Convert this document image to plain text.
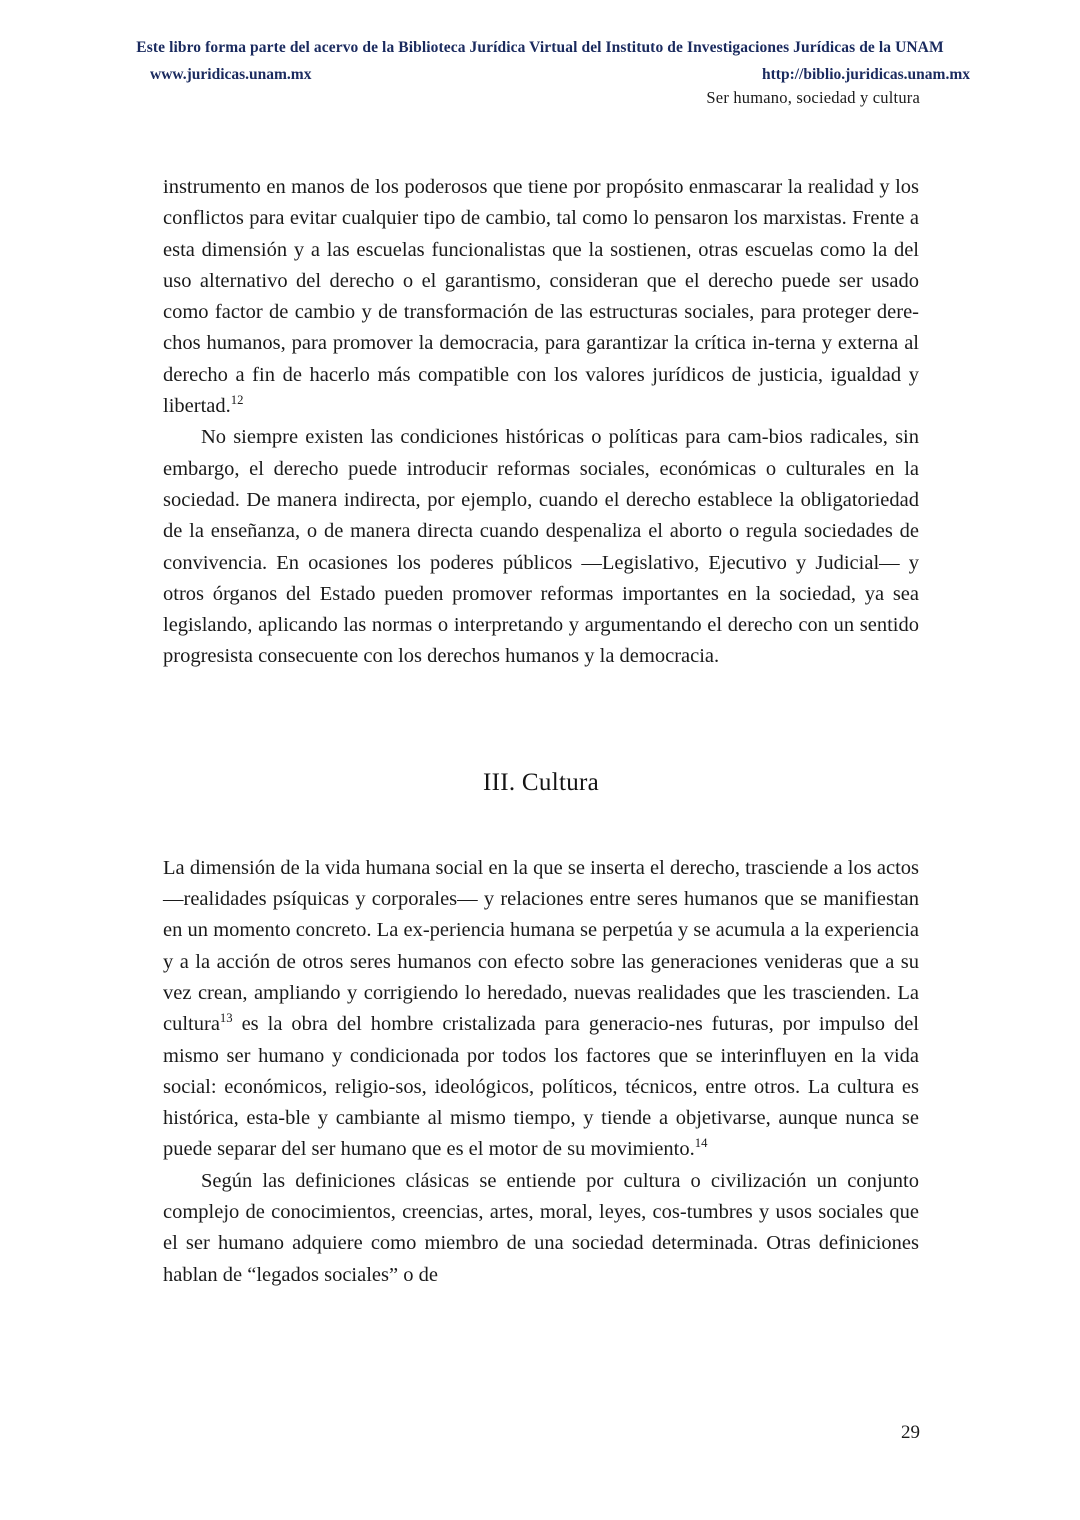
Este libro forma parte del acervo de la Biblioteca Jurídica Virtual del Instituto de Investigaciones Jurídicas de la UNAM
www.juridicas.unam.mx	http://biblio.juridicas.unam.mx
Ser humano, sociedad y cultura

instrumento en manos de los poderosos que tiene por propósito enmascarar la realidad y los conflictos para evitar cualquier tipo de cambio, tal como lo pensaron los marxistas. Frente a esta dimensión y a las escuelas funcionalistas que la sostienen, otras escuelas como la del uso alternativo del derecho o el garantismo, consideran que el derecho puede ser usado como factor de cambio y de transformación de las estructuras sociales, para proteger dere-chos humanos, para promover la democracia, para garantizar la crítica in-terna y externa al derecho a fin de hacerlo más compatible con los valores jurídicos de justicia, igualdad y libertad.$^{12}$

No siempre existen las condiciones históricas o políticas para cam-bios radicales, sin embargo, el derecho puede introducir reformas sociales, económicas o culturales en la sociedad. De manera indirecta, por ejemplo, cuando el derecho establece la obligatoriedad de la enseñanza, o de manera directa cuando despenaliza el aborto o regula sociedades de convivencia. En ocasiones los poderes públicos —Legislativo, Ejecutivo y Judicial— y otros órganos del Estado pueden promover reformas importantes en la sociedad, ya sea legislando, aplicando las normas o interpretando y argumentando el derecho con un sentido progresista consecuente con los derechos humanos y la democracia.

III. Cultura

La dimensión de la vida humana social en la que se inserta el derecho, trasciende a los actos —realidades psíquicas y corporales— y relaciones entre seres humanos que se manifiestan en un momento concreto. La ex-periencia humana se perpetúa y se acumula a la experiencia y a la acción de otros seres humanos con efecto sobre las generaciones venideras que a su vez crean, ampliando y corrigiendo lo heredado, nuevas realidades que les trascienden. La cultura$^{13}$ es la obra del hombre cristalizada para generacio-nes futuras, por impulso del mismo ser humano y condicionada por todos los factores que se interinfluyen en la vida social: económicos, religio-sos, ideológicos, políticos, técnicos, entre otros. La cultura es histórica, esta-ble y cambiante al mismo tiempo, y tiende a objetivarse, aunque nunca se puede separar del ser humano que es el motor de su movimiento.$^{14}$

Según las definiciones clásicas se entiende por cultura o civilización un conjunto complejo de conocimientos, creencias, artes, moral, leyes, cos-tumbres y usos sociales que el ser humano adquiere como miembro de una sociedad determinada. Otras definiciones hablan de “legados sociales” o de

29
